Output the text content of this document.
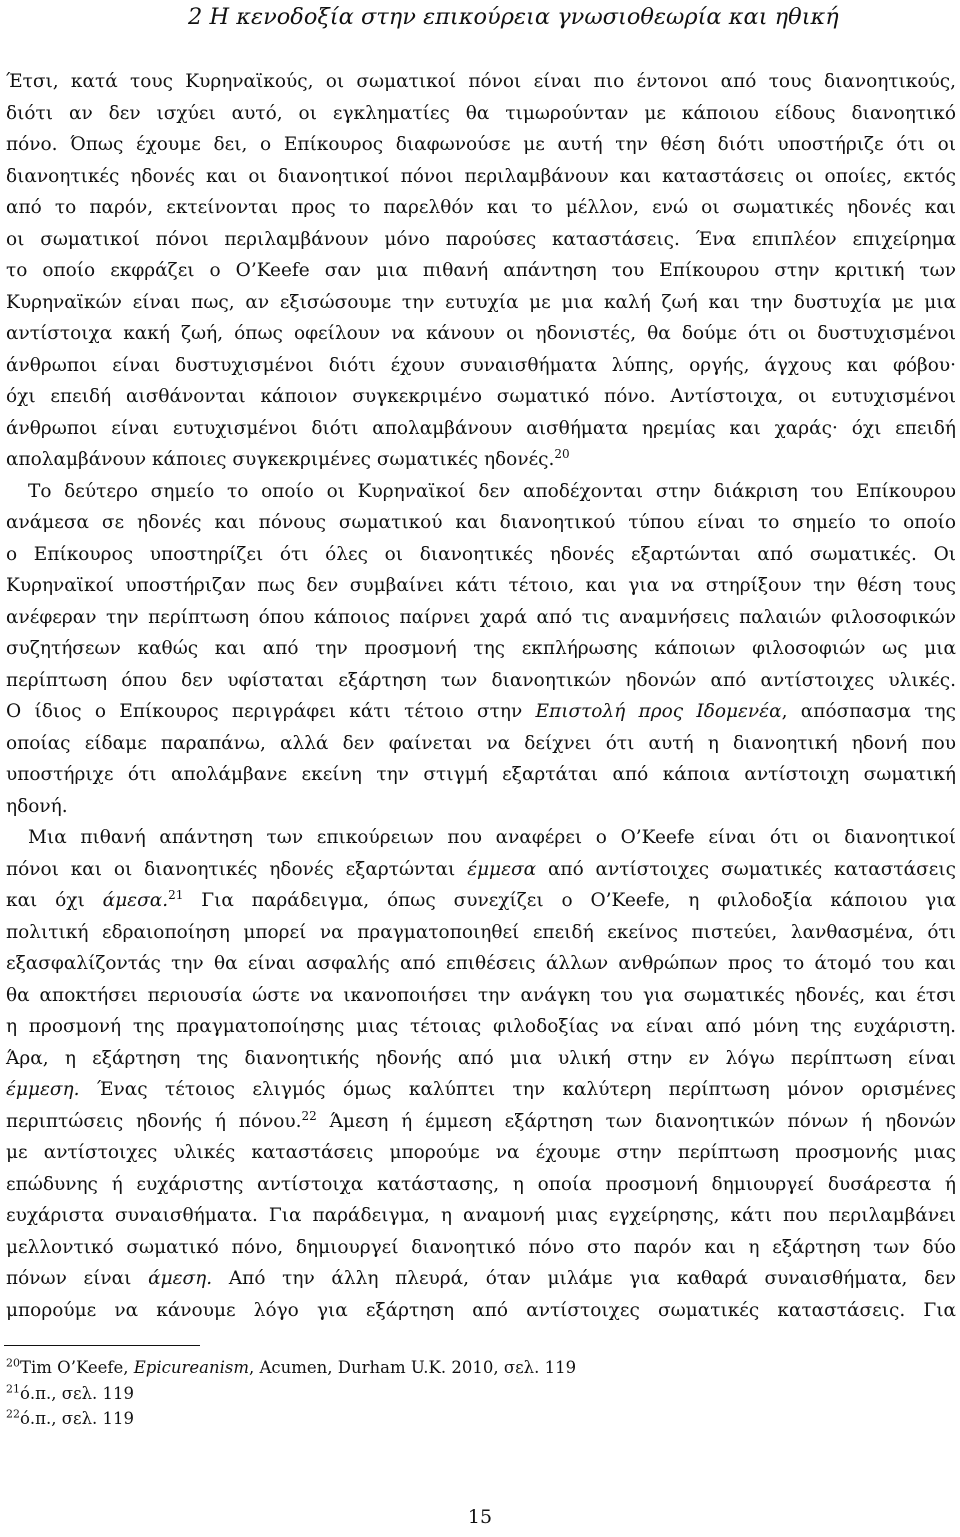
2 Η κενοδοξία στην επικούρεια γνωσιοθεωρία και ηθική
Έτσι, κατά τους Κυρηναϊκούς, οι σωματικοί πόνοι είναι πιο έντονοι από τους διανοητικούς,
διότι αν δεν ισχύει αυτό, οι εγκληματίες θα τιμωρούνταν με κάποιου είδους διανοητικό
πόνο. Όπως έχουμε δει, ο Επίκουρος διαφωνούσε με αυτή την θέση διότι υποστήριζε ότι οι
διανοητικές ηδονές και οι διανοητικοί πόνοι περιλαμβάνουν και καταστάσεις οι οποίες, εκτός
από το παρόν, εκτείνονται προς το παρελθόν και το μέλλον, ενώ οι σωματικές ηδονές και
οι σωματικοί πόνοι περιλαμβάνουν μόνο παρούσες καταστάσεις. Ένα επιπλέον επιχείρημα
το οποίο εκφράζει ο O’Keefe σαν μια πιθανή απάντηση του Επίκουρου στην κριτική των
Κυρηναϊκών είναι πως, αν εξισώσουμε την ευτυχία με μια καλή ζωή και την δυστυχία με μια
αντίστοιχα κακή ζωή, όπως οφείλουν να κάνουν οι ηδονιστές, θα δούμε ότι οι δυστυχισμένοι
άνθρωποι είναι δυστυχισμένοι διότι έχουν συναισθήματα λύπης, οργής, άγχους και φόβου·
όχι επειδή αισθάνονται κάποιον συγκεκριμένο σωματικό πόνο. Αντίστοιχα, οι ευτυχισμένοι
άνθρωποι είναι ευτυχισμένοι διότι απολαμβάνουν αισθήματα ηρεμίας και χαράς· όχι επειδή
απολαμβάνουν κάποιες συγκεκριμένες σωματικές ηδονές.$^{20}$
Το δεύτερο σημείο το οποίο οι Κυρηναϊκοί δεν αποδέχονται στην διάκριση του Επίκουρου
ανάμεσα σε ηδονές και πόνους σωματικού και διανοητικού τύπου είναι το σημείο το οποίο
ο Επίκουρος υποστηρίζει ότι όλες οι διανοητικές ηδονές εξαρτώνται από σωματικές. Οι
Κυρηναϊκοί υποστήριζαν πως δεν συμβαίνει κάτι τέτοιο, και για να στηρίξουν την θέση τους
ανέφεραν την περίπτωση όπου κάποιος παίρνει χαρά από τις αναμνήσεις παλαιών φιλοσοφικών
συζητήσεων καθώς και από την προσμονή της εκπλήρωσης κάποιων φιλοσοφιών ως μια
περίπτωση όπου δεν υφίσταται εξάρτηση των διανοητικών ηδονών από αντίστοιχες υλικές.
Ο ίδιος ο Επίκουρος περιγράφει κάτι τέτοιο στην Επιστολή προς Ιδομενέα, απόσπασμα της
οποίας είδαμε παραπάνω, αλλά δεν φαίνεται να δείχνει ότι αυτή η διανοητική ηδονή που
υποστήριχε ότι απολάμβανε εκείνη την στιγμή εξαρτάται από κάποια αντίστοιχη σωματική
ηδονή.
Μια πιθανή απάντηση των επικούρειων που αναφέρει ο O’Keefe είναι ότι οι διανοητικοί
πόνοι και οι διανοητικές ηδονές εξαρτώνται έμμεσα από αντίστοιχες σωματικές καταστάσεις
και όχι άμεσα.$^{21}$ Για παράδειγμα, όπως συνεχίζει ο O’Keefe, η φιλοδοξία κάποιου για
πολιτική εδραιοποίηση μπορεί να πραγματοποιηθεί επειδή εκείνος πιστεύει, λανθασμένα, ότι
εξασφαλίζοντάς την θα είναι ασφαλής από επιθέσεις άλλων ανθρώπων προς το άτομό του και
θα αποκτήσει περιουσία ώστε να ικανοποιήσει την ανάγκη του για σωματικές ηδονές, και έτσι
η προσμονή της πραγματοποίησης μιας τέτοιας φιλοδοξίας να είναι από μόνη της ευχάριστη.
Άρα, η εξάρτηση της διανοητικής ηδονής από μια υλική στην εν λόγω περίπτωση είναι
έμμεση. Ένας τέτοιος ελιγμός όμως καλύπτει την καλύτερη περίπτωση μόνον ορισμένες
περιπτώσεις ηδονής ή πόνου.$^{22}$ Άμεση ή έμμεση εξάρτηση των διανοητικών πόνων ή ηδονών
με αντίστοιχες υλικές καταστάσεις μπορούμε να έχουμε στην περίπτωση προσμονής μιας
επώδυνης ή ευχάριστης αντίστοιχα κατάστασης, η οποία προσμονή δημιουργεί δυσάρεστα ή
ευχάριστα συναισθήματα. Για παράδειγμα, η αναμονή μιας εγχείρησης, κάτι που περιλαμβάνει
μελλοντικό σωματικό πόνο, δημιουργεί διανοητικό πόνο στο παρόν και η εξάρτηση των δύο
πόνων είναι άμεση. Από την άλλη πλευρά, όταν μιλάμε για καθαρά συναισθήματα, δεν
μπορούμε να κάνουμε λόγο για εξάρτηση από αντίστοιχες σωματικές καταστάσεις. Για
$^{20}$Tim O’Keefe, Epicureanism, Acumen, Durham U.K. 2010, σελ. 119
$^{21}$ό.π., σελ. 119
$^{22}$ό.π., σελ. 119
15
